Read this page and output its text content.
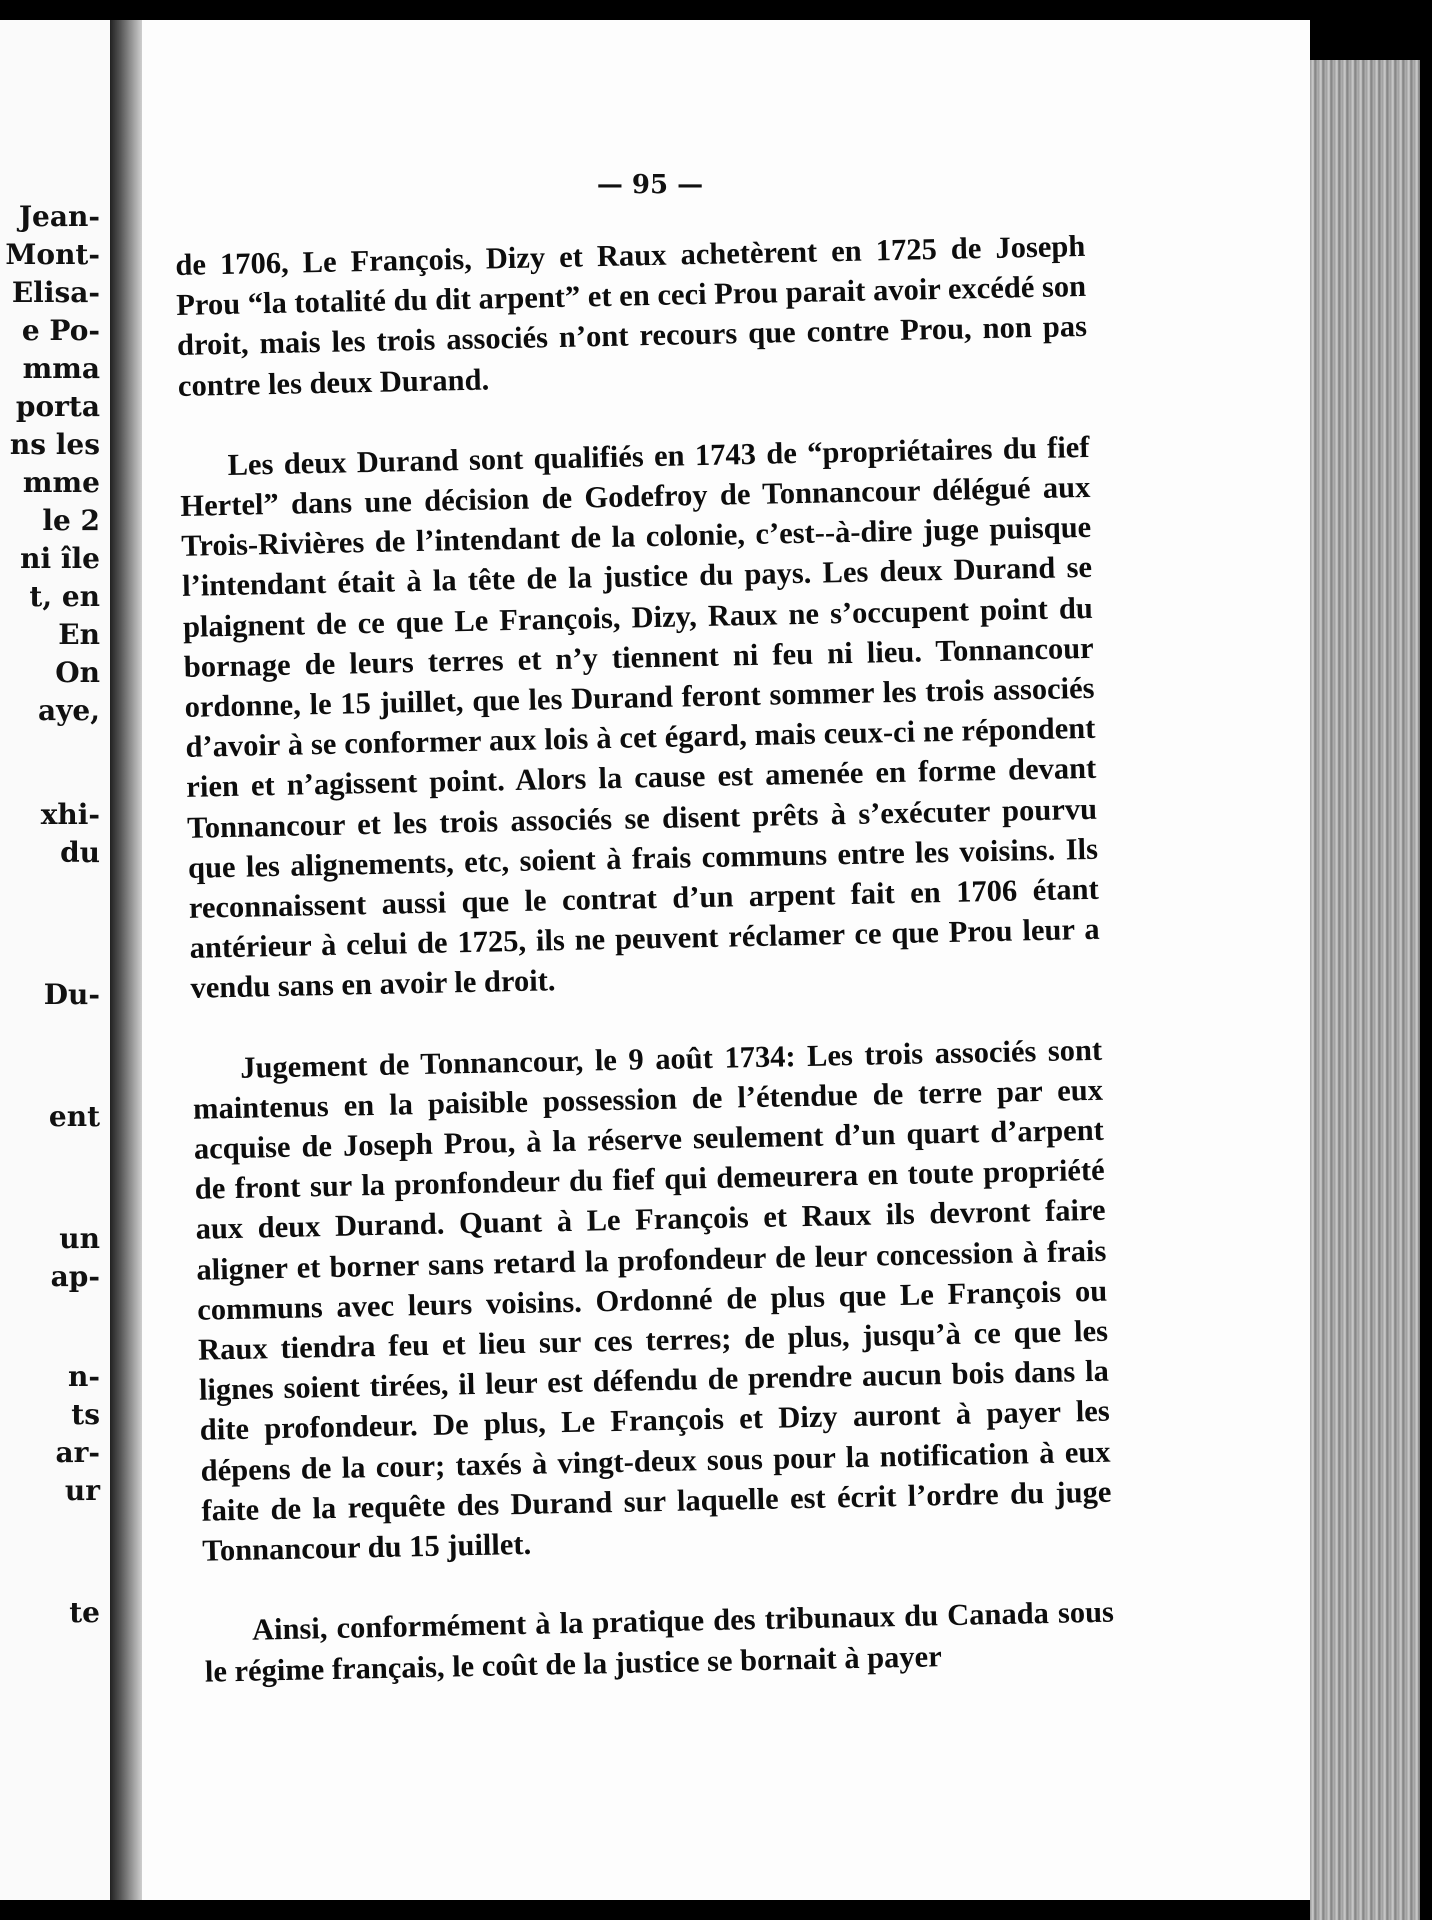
Jean-
Mont-
Elisa-
e Po-
mma
porta
ns les
mme
le 2
ni île
t, en
En
On
aye,
xhi-
du
Du-
ent
un
ap-
n-
ts
ar-
ur
te
— 95 —

de 1706, Le François, Dizy et Raux achetèrent en 1725 de Joseph Prou “la totalité du dit arpent” et en ceci Prou parait avoir excédé son droit, mais les trois associés n’ont recours que contre Prou, non pas contre les deux Durand.

Les deux Durand sont qualifiés en 1743 de “propriétaires du fief Hertel” dans une décision de Godefroy de Tonnancour délégué aux Trois-Rivières de l’intendant de la colonie, c’est--à-dire juge puisque l’intendant était à la tête de la justice du pays. Les deux Durand se plaignent de ce que Le François, Dizy, Raux ne s’occupent point du bornage de leurs terres et n’y tiennent ni feu ni lieu. Tonnancour ordonne, le 15 juillet, que les Durand feront sommer les trois associés d’avoir à se conformer aux lois à cet égard, mais ceux-ci ne répondent rien et n’agissent point. Alors la cause est amenée en forme devant Tonnancour et les trois associés se disent prêts à s’exécuter pourvu que les alignements, etc, soient à frais communs entre les voisins. Ils reconnaissent aussi que le contrat d’un arpent fait en 1706 étant antérieur à celui de 1725, ils ne peuvent réclamer ce que Prou leur a vendu sans en avoir le droit.

Jugement de Tonnancour, le 9 août 1734: Les trois associés sont maintenus en la paisible possession de l’étendue de terre par eux acquise de Joseph Prou, à la réserve seulement d’un quart d’arpent de front sur la pronfondeur du fief qui demeurera en toute propriété aux deux Durand. Quant à Le François et Raux ils devront faire aligner et borner sans retard la profondeur de leur concession à frais communs avec leurs voisins. Ordonné de plus que Le François ou Raux tiendra feu et lieu sur ces terres; de plus, jusqu’à ce que les lignes soient tirées, il leur est défendu de prendre aucun bois dans la dite profondeur. De plus, Le François et Dizy auront à payer les dépens de la cour; taxés à vingt-deux sous pour la notification à eux faite de la requête des Durand sur laquelle est écrit l’ordre du juge Tonnancour du 15 juillet.

Ainsi, conformément à la pratique des tribunaux du Canada sous le régime français, le coût de la justice se bornait à payer
